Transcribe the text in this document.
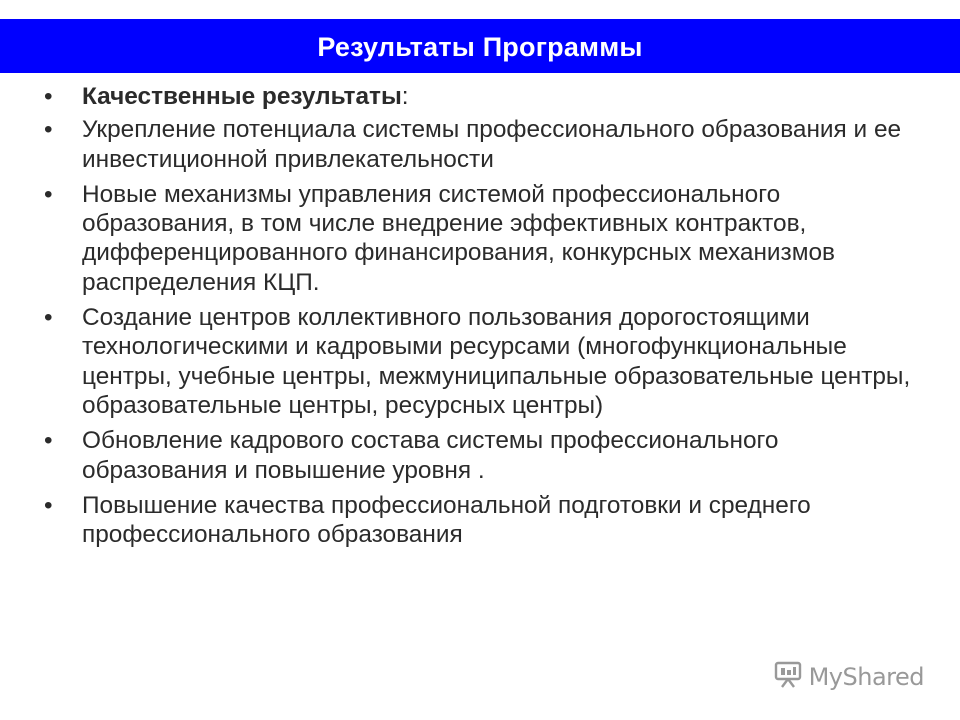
Результаты Программы
•	Качественные результаты:
•	Укрепление потенциала системы профессионального образования и ее инвестиционной привлекательности
•	Новые механизмы управления системой профессионального образования, в том числе внедрение эффективных контрактов, дифференцированного финансирования, конкурсных механизмов распределения КЦП.
•	Создание центров коллективного пользования дорогостоящими технологическими и кадровыми ресурсами (многофункциональные центры, учебные центры, межмуниципальные образовательные центры, образовательные центры, ресурсных центры)
•	Обновление кадрового состава системы профессионального образования и повышение уровня .
•	Повышение качества профессиональной подготовки и среднего профессионального образования
MyShared
